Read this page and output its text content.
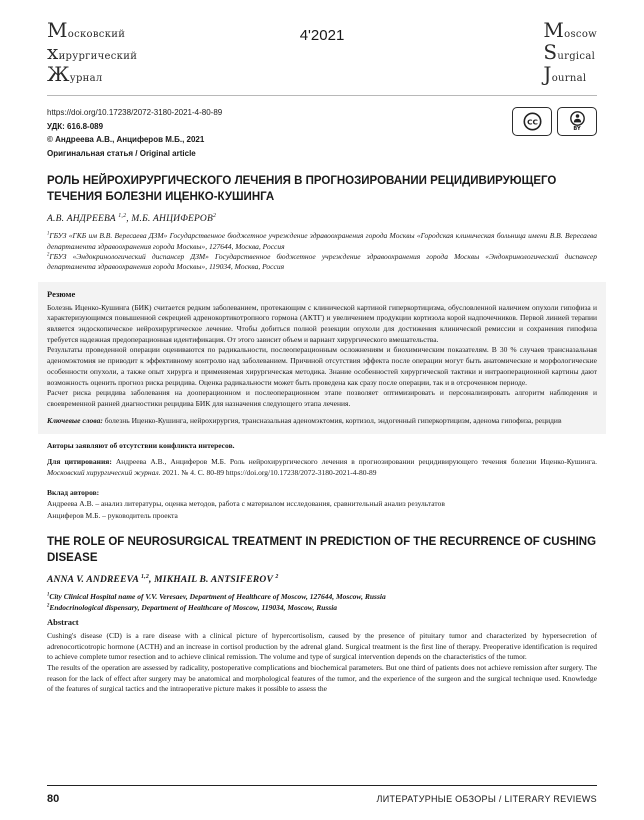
Московский
хирургический
Журнал
4'2021	Moscow
Surgical
Journal
https://doi.org/10.17238/2072-3180-2021-4-80-89
УДК: 616.8-089
© Андреева А.В., Анциферов М.Б., 2021
Оригинальная статья / Original article
CC
BY
РОЛЬ НЕЙРОХИРУРГИЧЕСКОГО ЛЕЧЕНИЯ В ПРОГНОЗИРОВАНИИ РЕЦИДИВИРУЮЩЕГО ТЕЧЕНИЯ БОЛЕЗНИ ИЦЕНКО-КУШИНГА
А.В. АНДРЕЕВА $^{1,2}$, М.Б. АНЦИФЕРОВ$^2$

$^1$ГБУЗ «ГКБ им В.В. Вересаева ДЗМ» Государственное бюджетное учреждение здравоохранения города Москвы «Городская клиническая больница имени В.В. Вересаева департамента здравоохранения города Москвы», 127644, Москва, Россия

$^2$ГБУЗ «Эндокринологический диспансер ДЗМ» Государственное бюджетное учреждение здравоохранения города Москвы «Эндокринологический диспансер департамента здравоохранения города Москвы», 119034, Москва, Россия

Резюме

Болезнь Иценко-Кушинга (БИК) считается редким заболеванием, протекающим с клинической картиной гиперкортицизма, обусловленной наличием опухоли гипофиза и характеризующимся повышенной секрецией адренокортикотропного гормона (АКТГ) и увеличением продукции кортизола корой надпочечников. Первой линией терапии является эндоскопическое нейрохирургическое лечение. Чтобы добиться полной резекции опухоли для достижения клинической ремиссии и сохранения гипофиза требуется надежная предоперационная идентификация. От этого зависит объем и вариант хирургического вмешательства.

Результаты проведенной операции оцениваются по радикальности, послеоперационным осложнениям и биохимическим показателям. В 30 % случаев трансназальная аденомэктомия не приводит к эффективному контролю над заболеванием. Причиной отсутствия эффекта после операции могут быть анатомические и морфологические особенности опухоли, а также опыт хирурга и применяемая хирургическая методика. Знание особенностей хирургической тактики и интраоперационной картины дают возможность оценить прогноз риска рецидива. Оценка радикальности может быть проведена как сразу после операции, так и в отсроченном периоде.

Расчет риска рецидива заболевания на дооперационном и послеоперационном этапе позволяет оптимизировать и персонализировать алгоритм наблюдения и своевременной ранней диагностики рецидива БИК для назначения следующего этапа лечения.

Ключевые слова: болезнь Иценко-Кушинга, нейрохирургия, трансназальная аденомэктомия, кортизол, эндогенный гиперкортицизм, аденома гипофиза, рецидив

Авторы заявляют об отсутствии конфликта интересов.

Для цитирования: Андреева А.В., Анциферов М.Б. Роль нейрохирургического лечения в прогнозировании рецидивирующего течения болезни Иценко-Кушинга. Московский хирургический журнал. 2021. № 4. С. 80-89 https://doi.org/10.17238/2072-3180-2021-4-80-89

Вклад авторов:

Андреева А.В. – анализ литературы, оценка методов, работа с материалом исследования, сравнительный анализ результатов

Анциферов М.Б. – руководитель проекта

THE ROLE OF NEUROSURGICAL TREATMENT IN PREDICTION OF THE RECURRENCE OF CUSHING DISEASE
ANNA V. ANDREEVA $^{1,2}$, MIKHAIL B. ANTSIFEROV $^2$

$^1$City Clinical Hospital name of V.V. Veresaev, Department of Healthcare of Moscow, 127644, Moscow, Russia

$^2$Endocrinological dispensary, Department of Healthcare of Moscow, 119034, Moscow, Russia

Abstract

Cushing's disease (CD) is a rare disease with a clinical picture of hypercortisolism, caused by the presence of pituitary tumor and characterized by hypersecretion of adrenocorticotropic hormone (ACTH) and an increase in cortisol production by the adrenal gland. Surgical treatment is the first line of therapy. Preoperative identification is required to achieve complete tumor resection and to achieve clinical remission. The volume and type of surgical intervention depends on the characteristics of the tumor.

The results of the operation are assessed by radicality, postoperative complications and biochemical parameters. But one third of patients does not achieve remission after surgery. The reason for the lack of effect after surgery may be anatomical and morphological features of the tumor, and the experience of the surgeon and the surgical technique used. Knowledge of the features of surgical tactics and the intraoperative picture makes it possible to assess the

80	ЛИТЕРАТУРНЫЕ ОБЗОРЫ / LITERARY REVIEWS
